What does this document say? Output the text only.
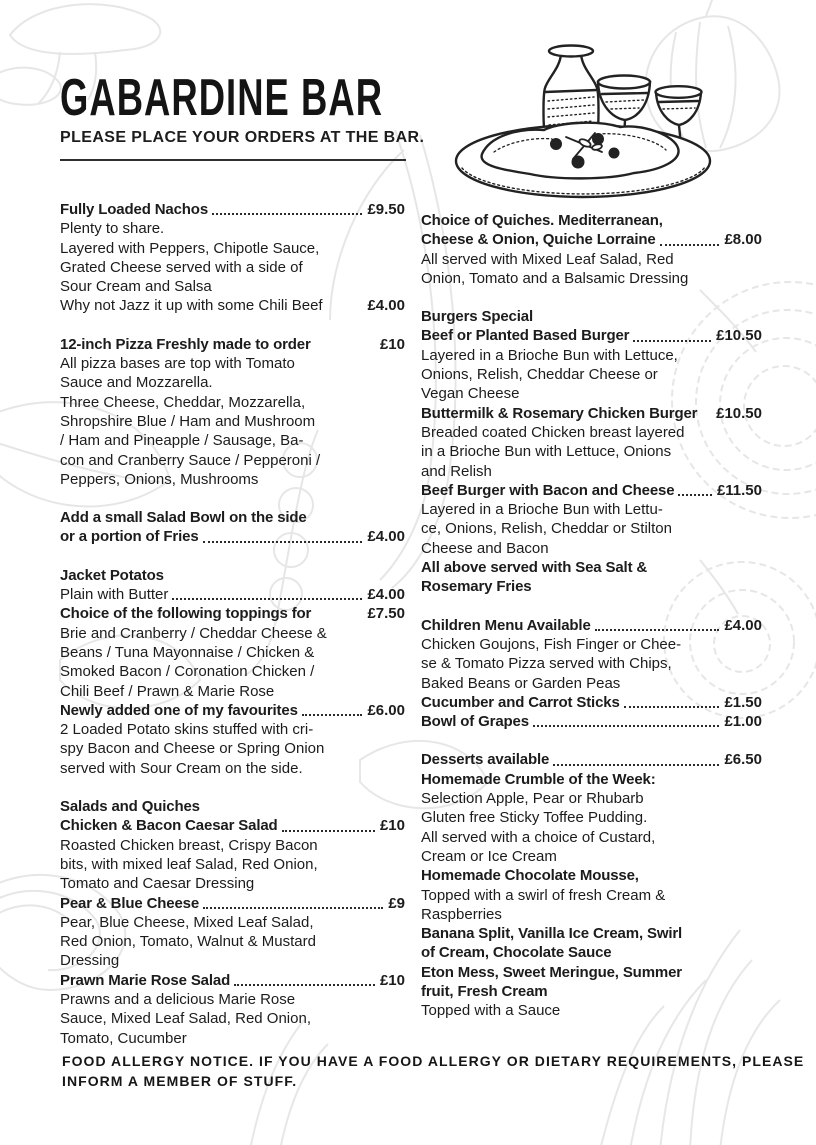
GABARDINE BAR
PLEASE PLACE YOUR ORDERS AT THE BAR.
Fully Loaded Nachos	£9.50
Plenty to share.
Layered with Peppers, Chipotle Sauce,
Grated Cheese served with a side of
Sour Cream and Salsa
Why not Jazz it up with some Chili Beef	£4.00
12-inch Pizza Freshly made to order	£10
All pizza bases are top with Tomato
Sauce and Mozzarella.
Three Cheese, Cheddar, Mozzarella,
Shropshire Blue / Ham and Mushroom
/ Ham and Pineapple / Sausage, Ba-
con and Cranberry Sauce / Pepperoni /
Peppers, Onions, Mushrooms
Add a small Salad Bowl on the side
or a portion of Fries	£4.00
Jacket Potatos
Plain with Butter	£4.00
Choice of the following toppings for	£7.50
Brie and Cranberry / Cheddar Cheese &
Beans / Tuna Mayonnaise / Chicken &
Smoked Bacon / Coronation Chicken /
Chili Beef / Prawn & Marie Rose
Newly added one of my favourites	£6.00
2 Loaded Potato skins stuffed with cri-
spy Bacon and Cheese or Spring Onion
served with Sour Cream on the side.
Salads and Quiches
Chicken & Bacon Caesar Salad	£10
Roasted Chicken breast, Crispy Bacon
bits, with mixed leaf Salad, Red Onion,
Tomato and Caesar Dressing
Pear & Blue Cheese	£9
Pear, Blue Cheese, Mixed Leaf Salad,
Red Onion, Tomato, Walnut & Mustard
Dressing
Prawn Marie Rose Salad	£10
Prawns and a delicious Marie Rose
Sauce, Mixed Leaf Salad, Red Onion,
Tomato, Cucumber
Choice of Quiches. Mediterranean,
Cheese & Onion, Quiche Lorraine	£8.00
All served with Mixed Leaf Salad, Red
Onion, Tomato and a Balsamic Dressing
Burgers Special
Beef or Planted Based Burger	£10.50
Layered in a Brioche Bun with Lettuce,
Onions, Relish, Cheddar Cheese or
Vegan Cheese
Buttermilk & Rosemary Chicken Burger £10.50
Breaded coated Chicken breast layered
in a Brioche Bun with Lettuce, Onions
and Relish
Beef Burger with Bacon and Cheese	£11.50
Layered in a Brioche Bun with Lettu-
ce, Onions, Relish, Cheddar or Stilton
Cheese and Bacon
All above served with Sea Salt &
Rosemary Fries
Children Menu Available	£4.00
Chicken Goujons, Fish Finger or Chee-
se & Tomato Pizza served with Chips,
Baked Beans or Garden Peas
Cucumber and Carrot Sticks	£1.50
Bowl of Grapes	£1.00
Desserts available	£6.50
Homemade Crumble of the Week:
Selection Apple, Pear or Rhubarb
Gluten free Sticky Toffee Pudding.
All served with a choice of Custard,
Cream or Ice Cream
Homemade Chocolate Mousse,
Topped with a swirl of fresh Cream &
Raspberries
Banana Split, Vanilla Ice Cream, Swirl
of Cream, Chocolate Sauce
Eton Mess, Sweet Meringue, Summer
fruit, Fresh Cream
Topped with a Sauce
FOOD ALLERGY NOTICE. IF YOU HAVE A FOOD ALLERGY OR DIETARY REQUIREMENTS, PLEASE
INFORM A MEMBER OF STUFF.
